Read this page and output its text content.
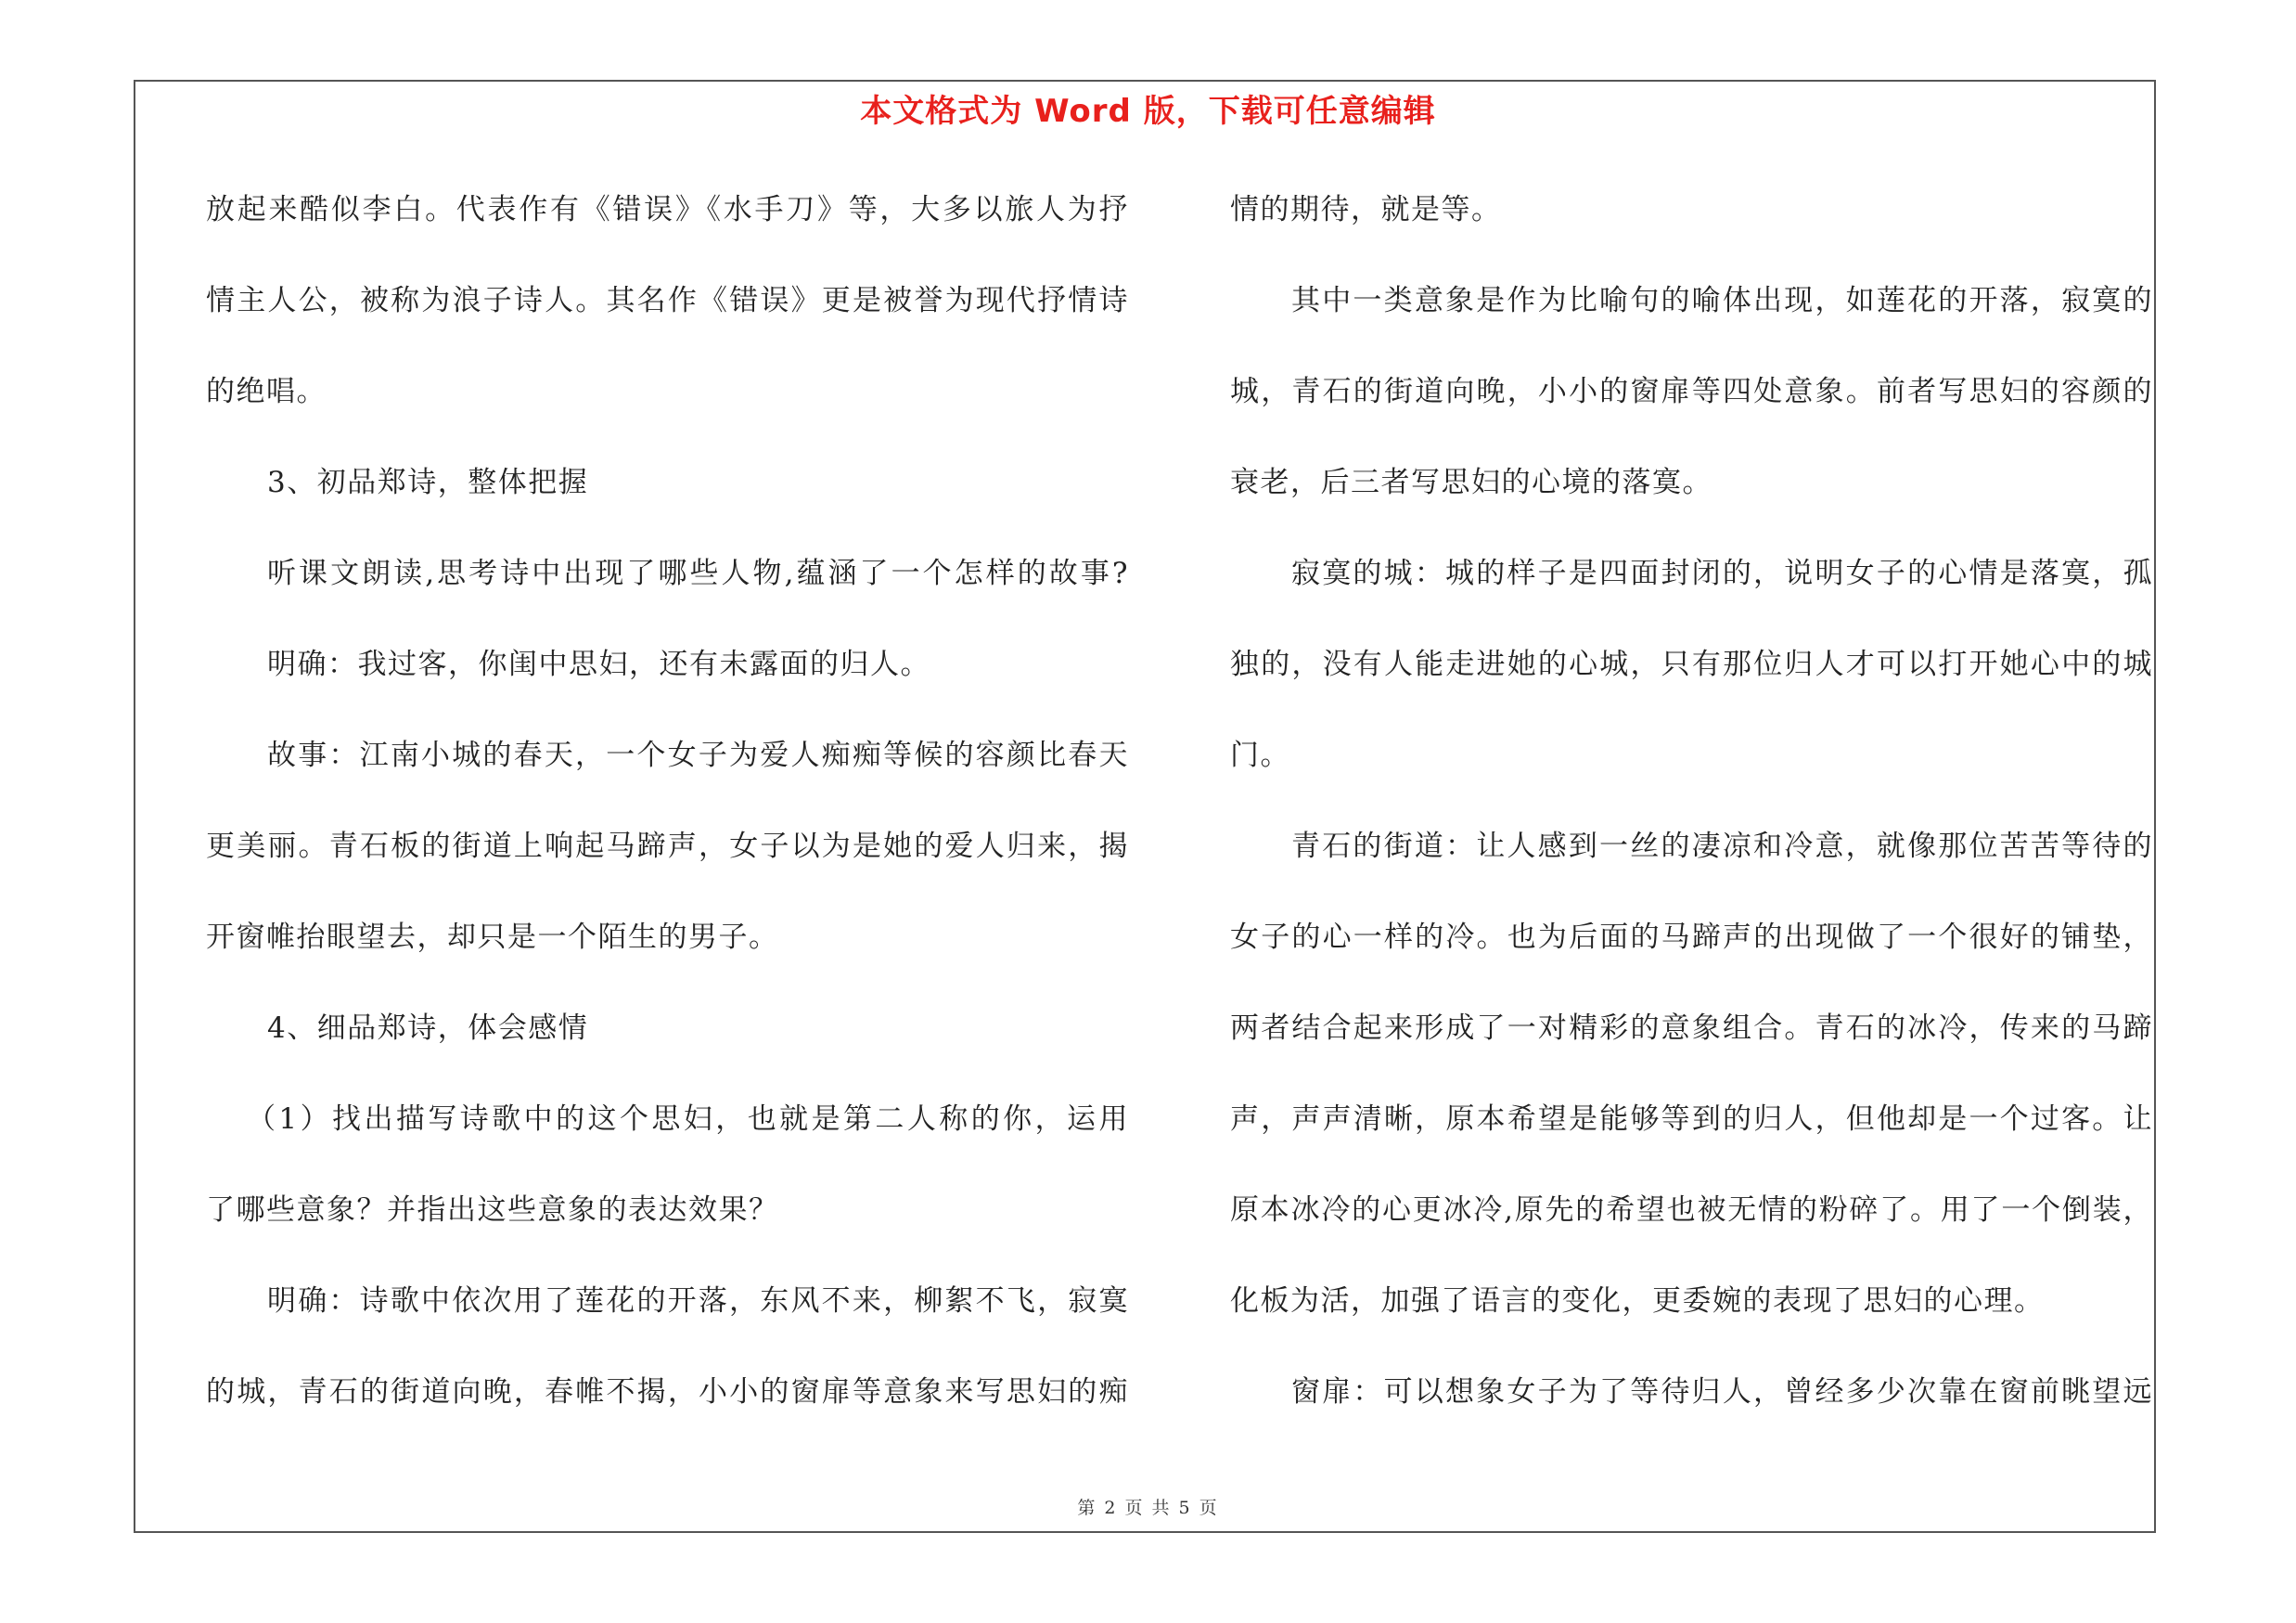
本文格式为 Word 版，下载可任意编辑
放起来酷似李白。代表作有《错误》《水手刀》等，大多以旅人为抒
情主人公，被称为浪子诗人。其名作《错误》更是被誉为现代抒情诗
的绝唱。
3、初品郑诗，整体把握
听课文朗读,思考诗中出现了哪些人物,蕴涵了一个怎样的故事?
明确：我过客，你闺中思妇，还有未露面的归人。
故事：江南小城的春天，一个女子为爱人痴痴等候的容颜比春天
更美丽。青石板的街道上响起马蹄声，女子以为是她的爱人归来，揭
开窗帷抬眼望去，却只是一个陌生的男子。
4、细品郑诗，体会感情
（1）找出描写诗歌中的这个思妇，也就是第二人称的你，运用
了哪些意象？并指出这些意象的表达效果？
明确：诗歌中依次用了莲花的开落，东风不来，柳絮不飞，寂寞
的城，青石的街道向晚，春帷不揭，小小的窗扉等意象来写思妇的痴
情的期待，就是等。
其中一类意象是作为比喻句的喻体出现，如莲花的开落，寂寞的
城，青石的街道向晚，小小的窗扉等四处意象。前者写思妇的容颜的
衰老，后三者写思妇的心境的落寞。
寂寞的城：城的样子是四面封闭的，说明女子的心情是落寞，孤
独的，没有人能走进她的心城，只有那位归人才可以打开她心中的城
门。
青石的街道：让人感到一丝的凄凉和冷意，就像那位苦苦等待的
女子的心一样的冷。也为后面的马蹄声的出现做了一个很好的铺垫，
两者结合起来形成了一对精彩的意象组合。青石的冰冷，传来的马蹄
声，声声清晰，原本希望是能够等到的归人，但他却是一个过客。让
原本冰冷的心更冰冷,原先的希望也被无情的粉碎了。用了一个倒装，
化板为活，加强了语言的变化，更委婉的表现了思妇的心理。
窗扉：可以想象女子为了等待归人，曾经多少次靠在窗前眺望远
第 2 页 共 5 页
